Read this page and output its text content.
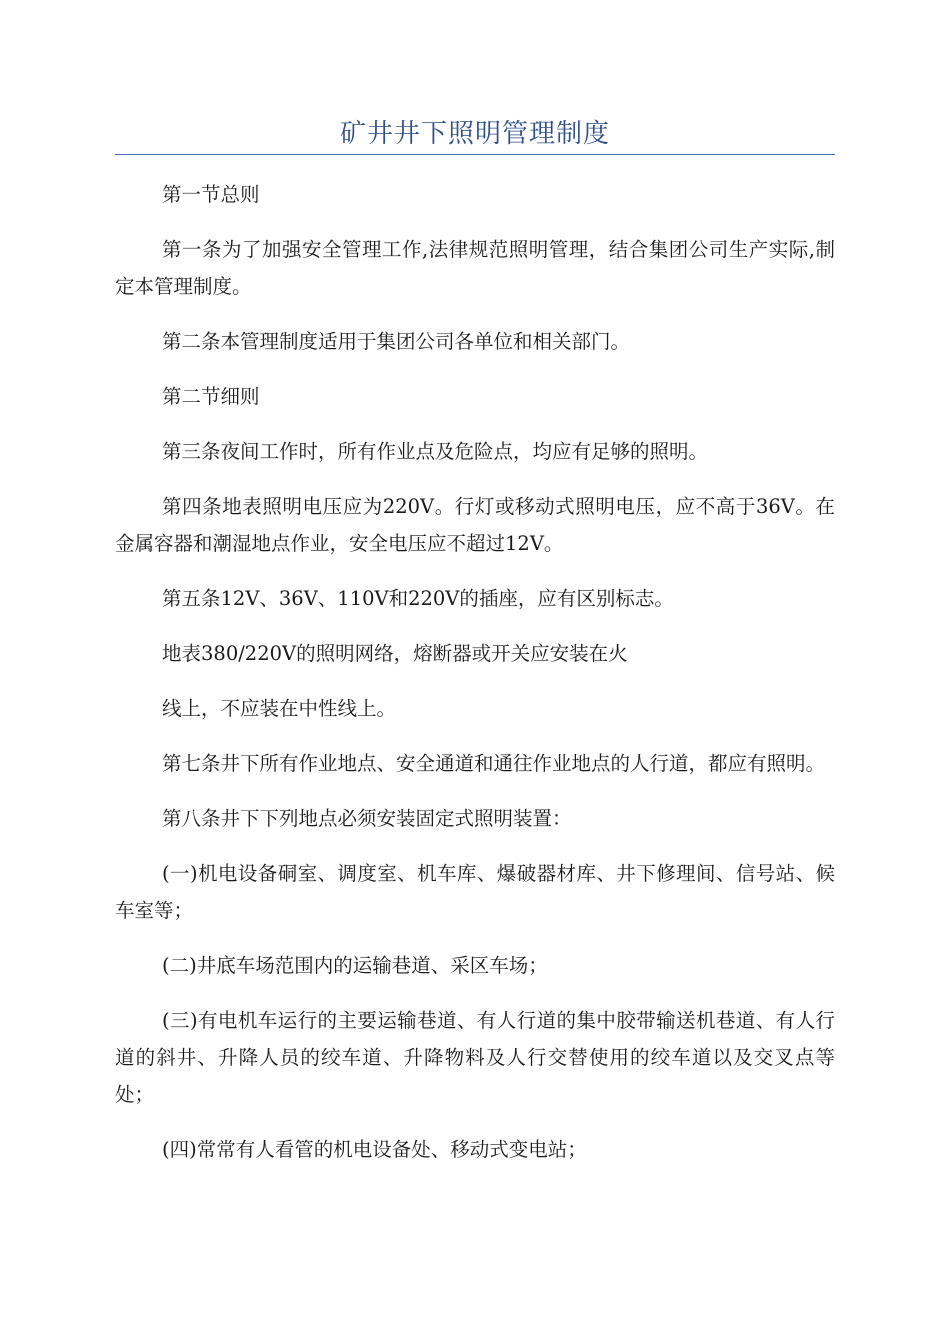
矿井井下照明管理制度

第一节总则

第一条为了加强安全管理工作,法律规范照明管理，结合集团公司生产实际,制定本管理制度。

第二条本管理制度适用于集团公司各单位和相关部门。

第二节细则

第三条夜间工作时，所有作业点及危险点，均应有足够的照明。

第四条地表照明电压应为220V。行灯或移动式照明电压，应不高于36V。在金属容器和潮湿地点作业，安全电压应不超过12V。

第五条12V、36V、110V和220V的插座，应有区别标志。

地表380/220V的照明网络，熔断器或开关应安装在火

线上，不应装在中性线上。

第七条井下所有作业地点、安全通道和通往作业地点的人行道，都应有照明。

第八条井下下列地点必须安装固定式照明装置：

(一)机电设备硐室、调度室、机车库、爆破器材库、井下修理间、信号站、候车室等；

(二)井底车场范围内的运输巷道、采区车场；

(三)有电机车运行的主要运输巷道、有人行道的集中胶带输送机巷道、有人行道的斜井、升降人员的绞车道、升降物料及人行交替使用的绞车道以及交叉点等处；

(四)常常有人看管的机电设备处、移动式变电站；
